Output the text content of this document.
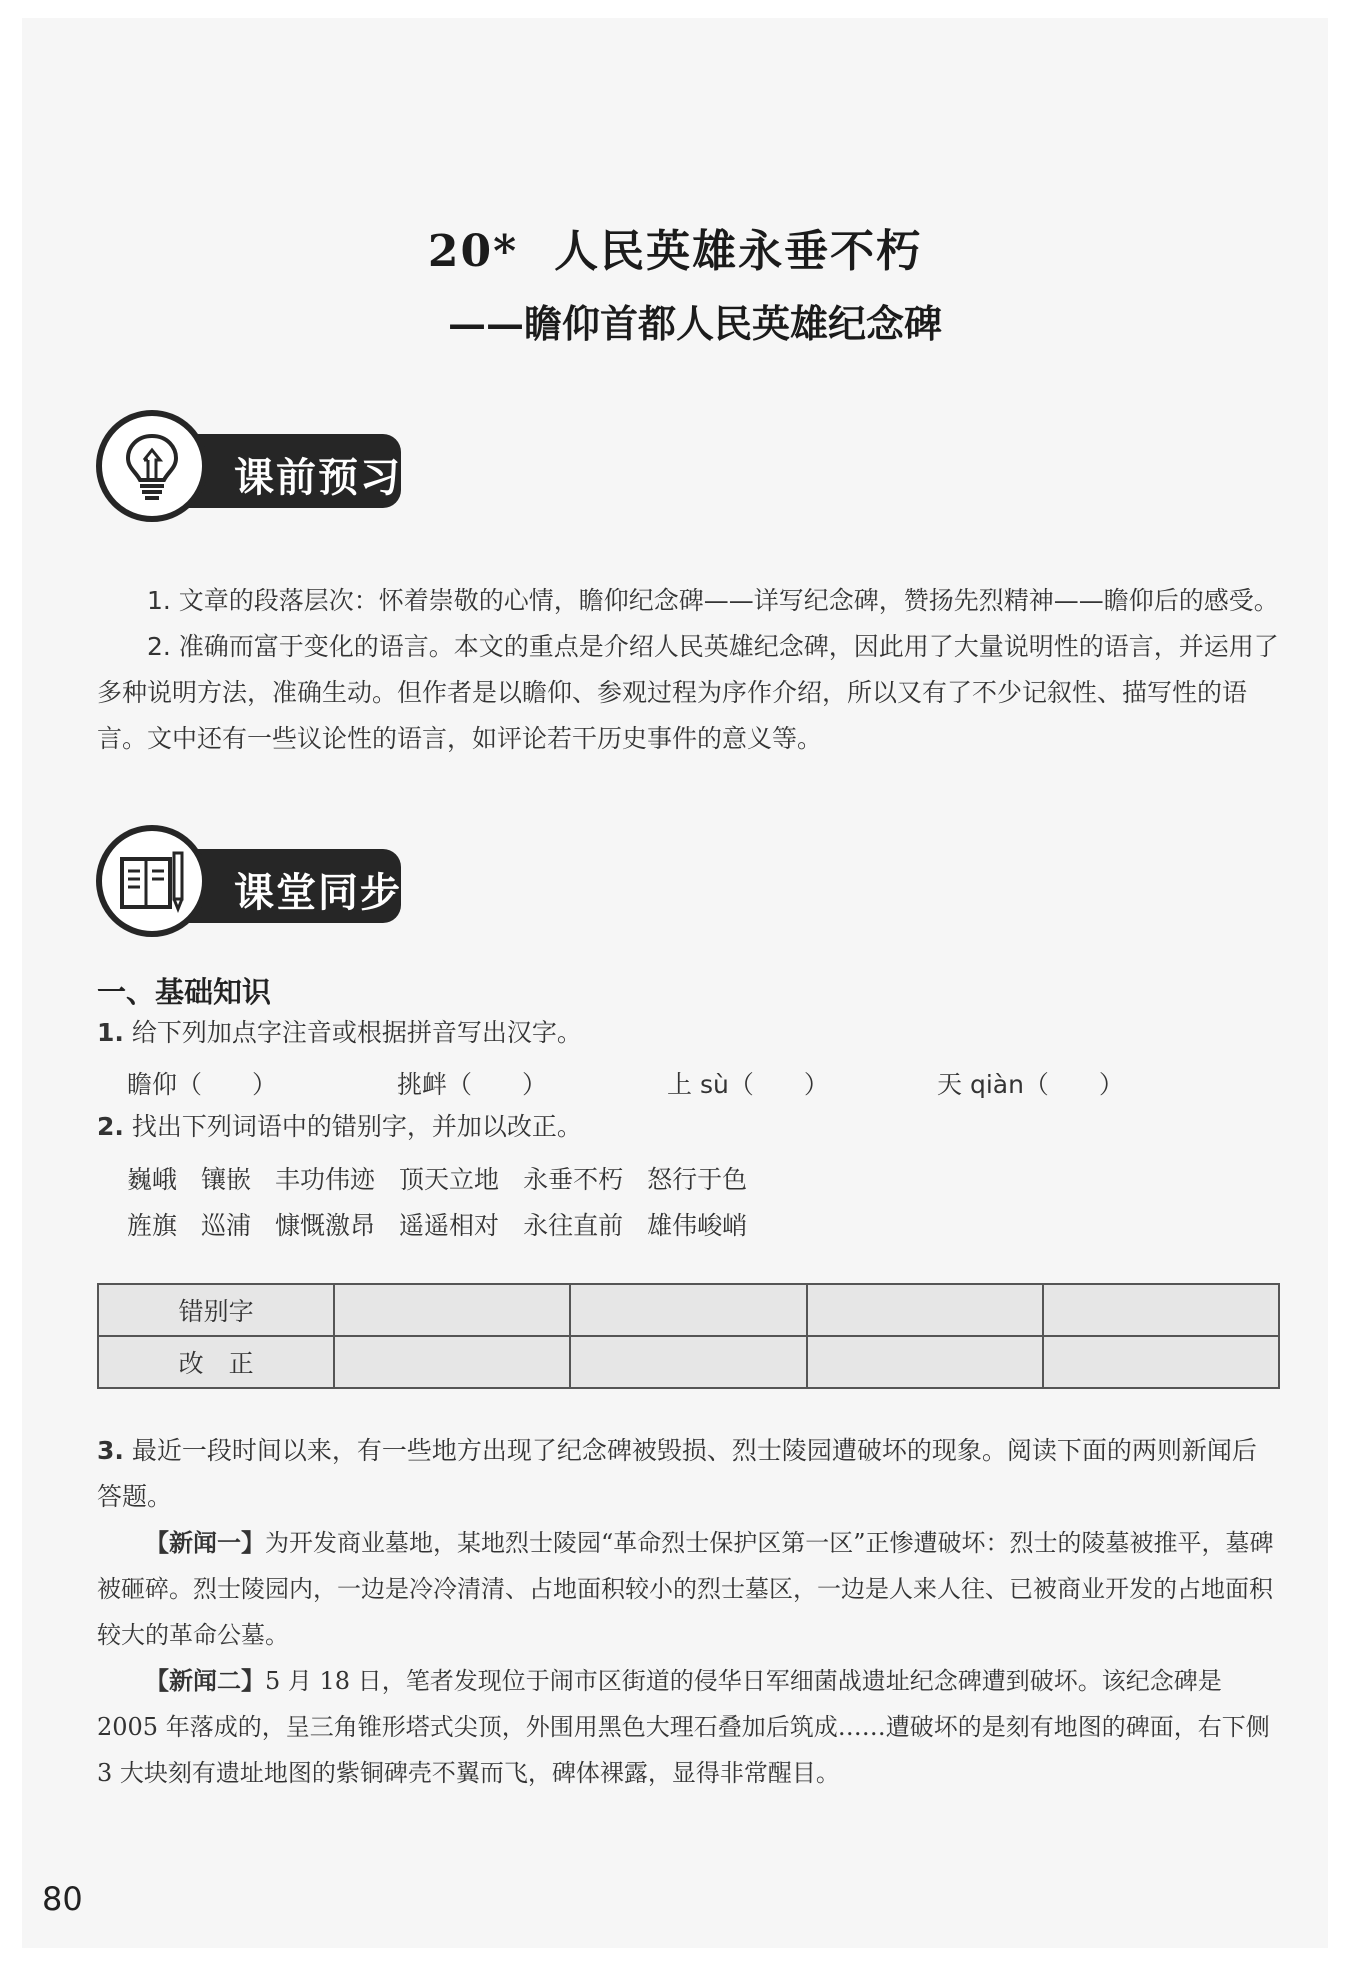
20* 人民英雄永垂不朽
——瞻仰首都人民英雄纪念碑
课前预习

1. 文章的段落层次：怀着崇敬的心情，瞻仰纪念碑——详写纪念碑，赞扬先烈精神——瞻仰后的感受。

2. 准确而富于变化的语言。本文的重点是介绍人民英雄纪念碑，因此用了大量说明性的语言，并运用了多种说明方法，准确生动。但作者是以瞻仰、参观过程为序作介绍，所以又有了不少记叙性、描写性的语言。文中还有一些议论性的语言，如评论若干历史事件的意义等。

课堂同步
一、基础知识
1. 给下列加点字注音或根据拼音写出汉字。
瞻仰（　　）	挑衅（　　）	上 sù（　　）	天 qiàn（　　）
2. 找出下列词语中的错别字，并加以改正。
巍峨 镶嵌 丰功伟迹 顶天立地 永垂不朽 怒行于色
旌旗 巡浦 慷慨激昂 遥遥相对 永往直前 雄伟峻峭
错别字				
改　正				
3. 最近一段时间以来，有一些地方出现了纪念碑被毁损、烈士陵园遭破坏的现象。阅读下面的两则新闻后答题。

【新闻一】为开发商业墓地，某地烈士陵园“革命烈士保护区第一区”正惨遭破坏：烈士的陵墓被推平，墓碑被砸碎。烈士陵园内，一边是冷冷清清、占地面积较小的烈士墓区，一边是人来人往、已被商业开发的占地面积较大的革命公墓。

【新闻二】5 月 18 日，笔者发现位于闹市区街道的侵华日军细菌战遗址纪念碑遭到破坏。该纪念碑是 2005 年落成的，呈三角锥形塔式尖顶，外围用黑色大理石叠加后筑成……遭破坏的是刻有地图的碑面，右下侧 3 大块刻有遗址地图的紫铜碑壳不翼而飞，碑体裸露，显得非常醒目。

80
